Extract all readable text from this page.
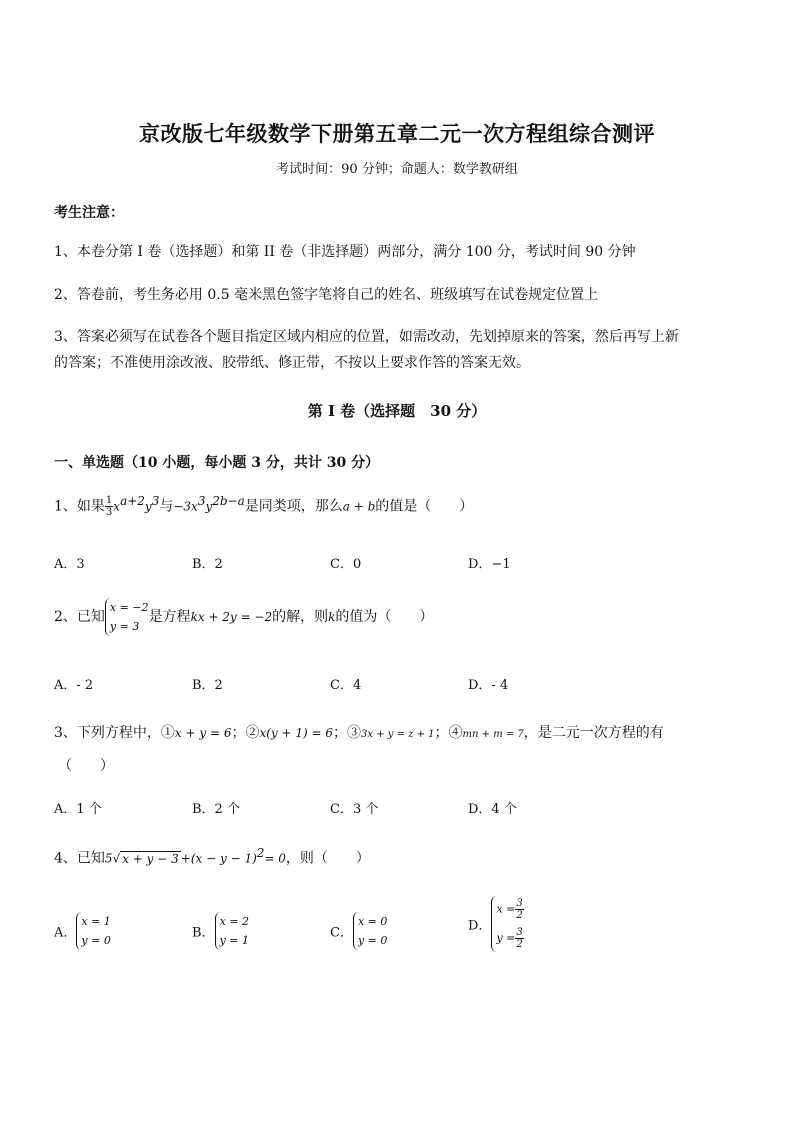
京改版七年级数学下册第五章二元一次方程组综合测评
考试时间：90 分钟；命题人：数学教研组
考生注意：
1、本卷分第 I 卷（选择题）和第 II 卷（非选择题）两部分，满分 100 分，考试时间 90 分钟
2、答卷前，考生务必用 0.5 毫米黑色签字笔将自己的姓名、班级填写在试卷规定位置上
3、答案必须写在试卷各个题目指定区域内相应的位置，如需改动，先划掉原来的答案，然后再写上新
的答案；不准使用涂改液、胶带纸、修正带，不按以上要求作答的答案无效。
第 I 卷（选择题　30 分）
一、单选题（10 小题，每小题 3 分，共计 30 分）
1、如果 $\frac{1}{3} x^{a+2}y^3$与$-3x^3y^{2b-a}$是同类项，那么a + b的值是（　　）
A．3	B．2	C．0	D．−1
2、已知
x = −2
y = 3
是方程kx + 2y = −2的解，则k的值为（　　）
A．- 2	B．2	C．4	D．- 4
3、下列方程中，①x + y = 6；②x(y + 1) = 6；③3x + y = z + 1；④mn + m = 7，是二元一次方程的有
（　　）
A．1 个	B．2 个	C．3 个	D．4 个
4、已知5√ $x + y - 3 +(x - y - 1)^2= 0$，则（　　）
A．
x = 1
y = 0	B．
x = 2
y = 1	C．
x = 0
y = 0
D．
$x = \frac{3}{2}$
$y = \frac{3}{2}$
